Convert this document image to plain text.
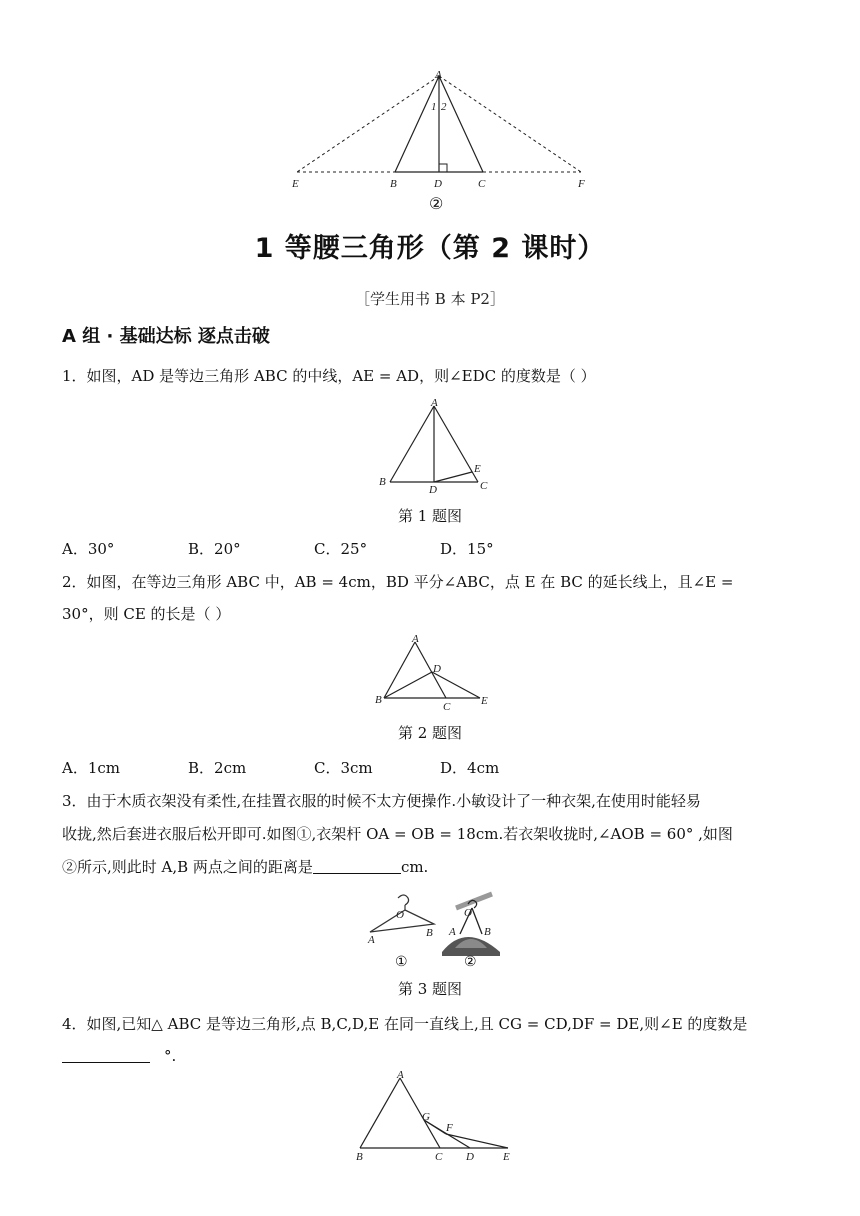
A
1 2
E	B	D	C	F
②
1 等腰三角形（第 2 课时）
［学生用书 B 本 P2］
A 组 · 基础达标 逐点击破
1．如图，AD 是等边三角形 ABC 的中线，AE = AD，则∠EDC 的度数是（ ）
A
B
D
E
C
第 1 题图
A．30°	B．20°	C．25°	D．15°
2．如图，在等边三角形 ABC 中，AB = 4cm，BD 平分∠ABC，点 E 在 BC 的延长线上，且∠E =
30°，则 CE 的长是（ ）
A
D
B
C	E
第 2 题图
A．1cm	B．2cm	C．3cm	D．4cm
3．由于木质衣架没有柔性,在挂置衣服的时候不太方便操作.小敏设计了一种衣架,在使用时能轻易
收拢,然后套进衣服后松开即可.如图①,衣架杆 OA = OB = 18cm.若衣架收拢时,∠AOB = 60° ,如图
②所示,则此时 A,B 两点之间的距离是	cm.
O
A
B
O
A	B
①	②
第 3 题图
4．如图,已知△ ABC 是等边三角形,点 B,C,D,E 在同一直线上,且 CG = CD,DF = DE,则∠E 的度数是
°.
A
G
F
B	C D	E
